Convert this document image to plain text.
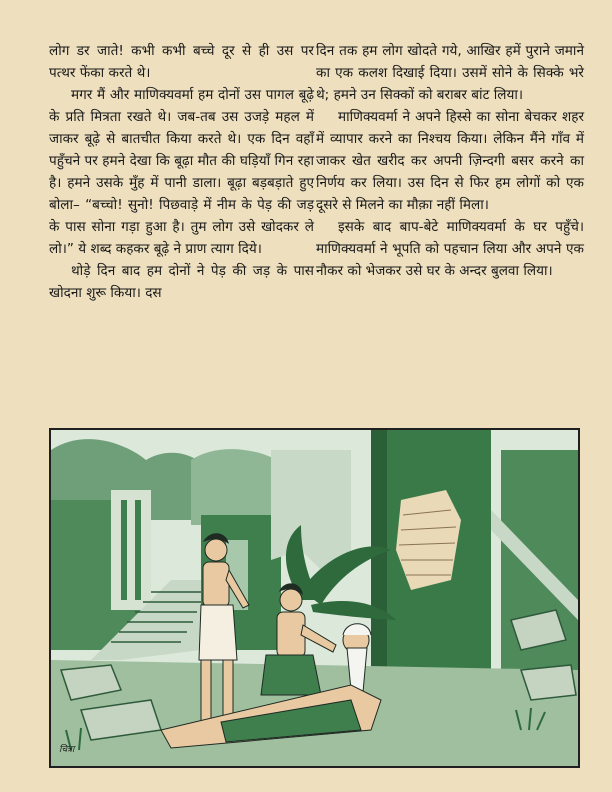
लोग डर जाते! कभी कभी बच्चे दूर से ही उस पर पत्थर फेंका करते थे।

मगर मैं और माणिक्यवर्मा हम दोनों उस पागल बूढ़े के प्रति मित्रता रखते थे। जब-तब उस उजड़े महल में जाकर बूढ़े से बातचीत किया करते थे। एक दिन वहाँ पहुँचने पर हमने देखा कि बूढ़ा मौत की घड़ियाँ गिन रहा है। हमने उसके मुँह में पानी डाला। बूढ़ा बड़बड़ाते हुए बोला– “बच्चो! सुनो! पिछवाड़े में नीम के पेड़ की जड़ के पास सोना गड़ा हुआ है। तुम लोग उसे खोदकर ले लो।” ये शब्द कहकर बूढ़े ने प्राण त्याग दिये।

थोड़े दिन बाद हम दोनों ने पेड़ की जड़ के पास खोदना शुरू किया। दस

दिन तक हम लोग खोदते गये, आखिर हमें पुराने जमाने का एक कलश दिखाई दिया। उसमें सोने के सिक्के भरे थे; हमने उन सिक्कों को बराबर बांट लिया।

माणिक्यवर्मा ने अपने हिस्से का सोना बेचकर शहर में व्यापार करने का निश्चय किया। लेकिन मैंने गाँव में जाकर खेत खरीद कर अपनी ज़िन्दगी बसर करने का निर्णय कर लिया। उस दिन से फिर हम लोगों को एक दूसरे से मिलने का मौक़ा नहीं मिला।

इसके बाद बाप-बेटे माणिक्यवर्मा के घर पहुँचे। माणिक्यवर्मा ने भूपति को पहचान लिया और अपने एक नौकर को भेजकर उसे घर के अन्दर बुलवा लिया।

चित्रा
